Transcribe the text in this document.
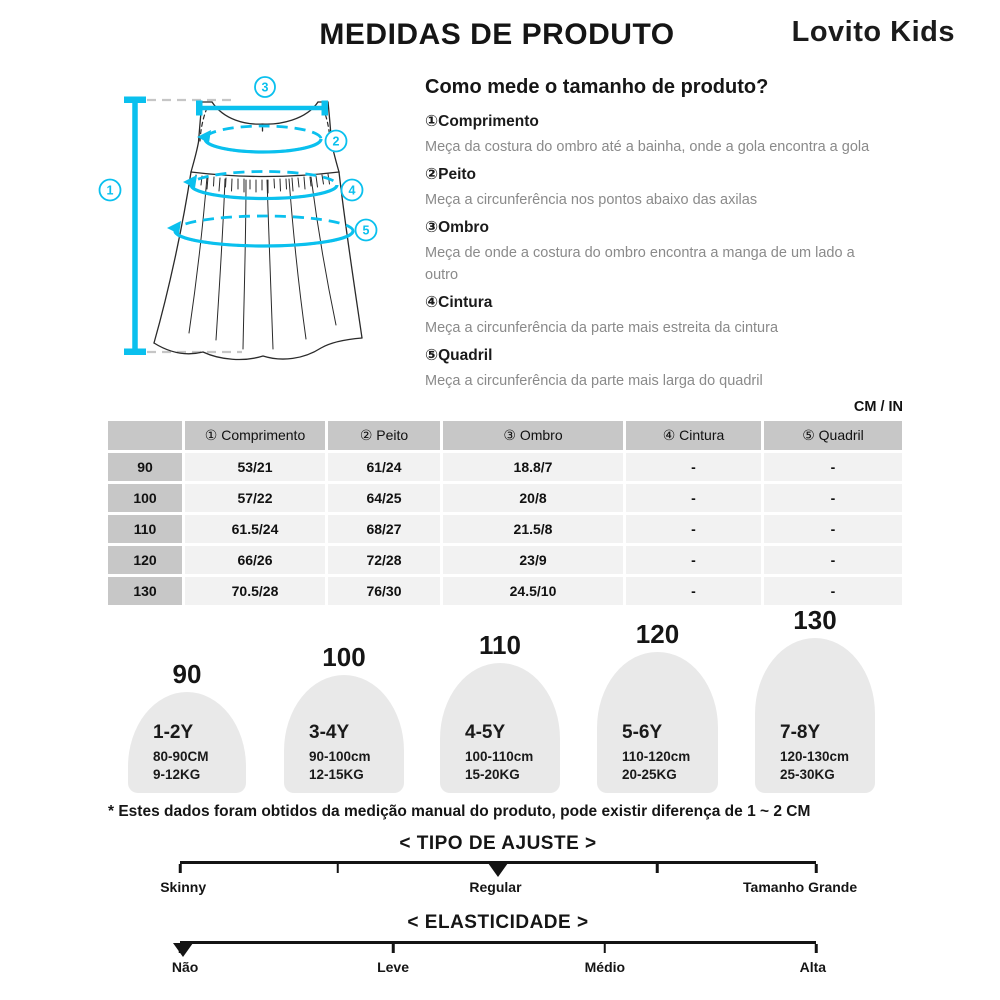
MEDIDAS DE PRODUTO	Lovito Kids
1
3
2
4
5
Como mede o tamanho de produto?
①Comprimento
Meça da costura do ombro até a bainha, onde a gola encontra a gola
②Peito
Meça a circunferência nos pontos abaixo das axilas
③Ombro
Meça de onde a costura do ombro encontra a manga de um lado a outro
④Cintura
Meça a circunferência da parte mais estreita da cintura
⑤Quadril
Meça a circunferência da parte mais larga do quadril
CM / IN
	① Comprimento	② Peito	③ Ombro	④ Cintura	⑤ Quadril
90	53/21	61/24	18.8/7	-	-
100	57/22	64/25	20/8	-	-
110	61.5/24	68/27	21.5/8	-	-
120	66/26	72/28	23/9	-	-
130	70.5/28	76/30	24.5/10	-	-
90
1-2Y
80-90CM
9-12KG
100
3-4Y
90-100cm
12-15KG
110
4-5Y
100-110cm
15-20KG
120
5-6Y
110-120cm
20-25KG
130
7-8Y
120-130cm
25-30KG
* Estes dados foram obtidos da medição manual do produto, pode existir diferença de 1 ~ 2 CM
< TIPO DE AJUSTE >
Skinny	Regular	Tamanho Grande
< ELASTICIDADE >
Não	Leve	Médio	Alta
